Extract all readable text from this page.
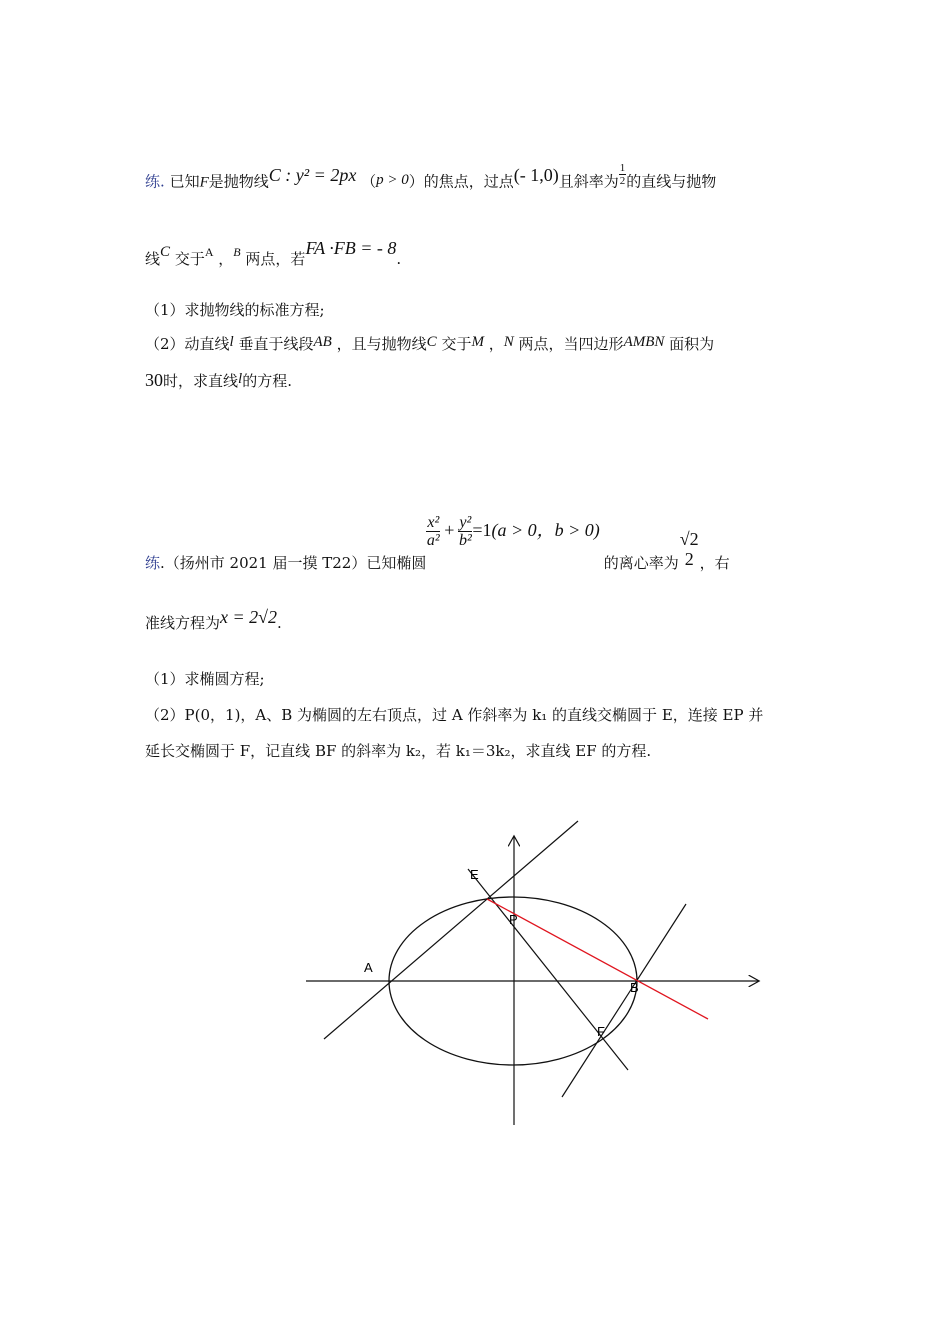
练. 已知F是抛物线C : y² = 2px （p > 0）的焦点，过点(- 1,0)且斜率为 $\frac{1}{2}$ 的直线与抛物
线C 交于$^A$ ，$^B$ 两点，若FA ·FB = - 8.
（1）求抛物线的标准方程;
（2）动直线l 垂直于线段AB ，且与抛物线C 交于M ，N 两点，当四边形AMBN 面积为
30时，求直线l的方程.
练.（扬州市 2021 届一摸 T22）已知椭圆
$\frac{\text{x²}}{\text{a²}} + \frac{\text{y²}}{\text{b²}} =1(a > 0$，b > 0)的离心率为
√2
2 ，右
准线方程为x = 2√2.
（1）求椭圆方程;
（2）P(0，1)，A、B 为椭圆的左右顶点，过 A 作斜率为 k₁ 的直线交椭圆于 E，连接 EP 并
延长交椭圆于 F，记直线 BF 的斜率为 k₂，若 k₁＝3k₂，求直线 EF 的方程.
A
B
E
P
F
